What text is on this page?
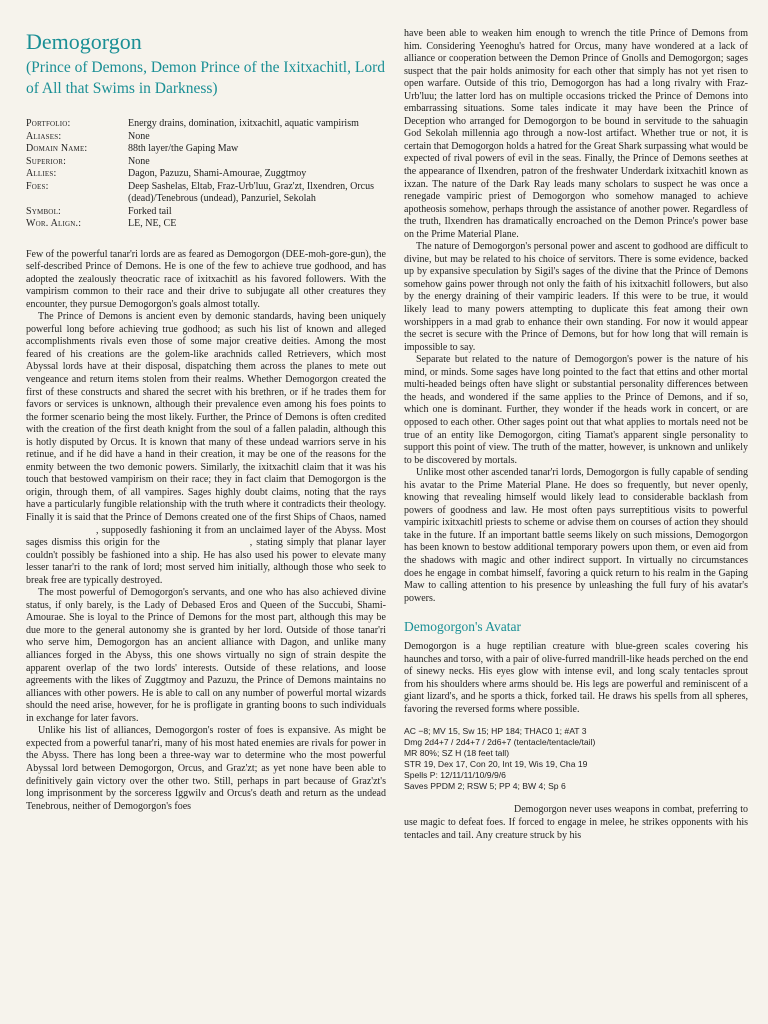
Demogorgon
(Prince of Demons, Demon Prince of the Ixitxachitl, Lord of All that Swims in Darkness)
Portfolio:	Energy drains, domination, ixitxachitl, aquatic vampirism
Aliases:	None
Domain Name:	88th layer/the Gaping Maw
Superior:	None
Allies:	Dagon, Pazuzu, Shami-Amourae, Zuggtmoy
Foes:	Deep Sashelas, Eltab, Fraz-Urb'luu, Graz'zt, Ilxendren, Orcus (dead)/Tenebrous (undead), Panzuriel, Sekolah
Symbol:	Forked tail
Wor. Align.:	LE, NE, CE

Few of the powerful tanar'ri lords are as feared as Demogorgon (DEE-moh-gore-gun), the self-described Prince of Demons. He is one of the few to achieve true godhood, and has adopted the zealously theocratic race of ixitxachitl as his favored followers. With the vampirism common to their race and their drive to subjugate all other creatures they encounter, they pursue Demogorgon's goals almost totally.

The Prince of Demons is ancient even by demonic standards, having been uniquely powerful long before achieving true godhood; as such his list of known and alleged accomplishments rivals even those of some major creative deities. Among the most feared of his creations are the golem-like arachnids called Retrievers, which most Abyssal lords have at their disposal, dispatching them across the planes to mete out vengeance and return items stolen from their realms. Whether Demogorgon created the first of these constructs and shared the secret with his brethren, or if he trades them for favors or services is unknown, although their prevalence even among his foes points to the former scenario being the most likely. Further, the Prince of Demons is often credited with the creation of the first death knight from the soul of a fallen paladin, although this is hotly disputed by Orcus. It is known that many of these undead warriors serve in his retinue, and if he did have a hand in their creation, it may be one of the reasons for the enmity between the two demonic powers. Similarly, the ixitxachitl claim that it was his touch that bestowed vampirism on their race; they in fact claim that Demogorgon is the origin, through them, of all vampires. Sages highly doubt claims, noting that the rays have a particularly fungible relationship with the truth where it contradicts their theology. Finally it is said that the Prince of Demons created one of the first Ships of Chaos, named, supposedly fashioning it from an unclaimed layer of the Abyss. Most sages dismiss this origin for the	, stating simply that planar layer couldn't possibly be fashioned into a ship. He has also used his power to elevate many lesser tanar'ri to the rank of lord; most served him initially, although those who seek to break free are typically destroyed.

The most powerful of Demogorgon's servants, and one who has also achieved divine status, if only barely, is the Lady of Debased Eros and Queen of the Succubi, Shami-Amourae. She is loyal to the Prince of Demons for the most part, although this may be due more to the general autonomy she is granted by her lord. Outside of those tanar'ri who serve him, Demogorgon has an ancient alliance with Dagon, and unlike many alliances forged in the Abyss, this one shows virtually no sign of strain despite the apparent overlap of the two lords' interests. Outside of these relations, and loose agreements with the likes of Zuggtmoy and Pazuzu, the Prince of Demons maintains no alliances with other powers. He is able to call on any number of powerful mortal wizards should the need arise, however, for he is profligate in granting boons to such individuals in exchange for later favors.

Unlike his list of alliances, Demogorgon's roster of foes is expansive. As might be expected from a powerful tanar'ri, many of his most hated enemies are rivals for power in the Abyss. There has long been a three-way war to determine who the most powerful Abyssal lord between Demogorgon, Orcus, and Graz'zt; as yet none have been able to definitively gain victory over the other two. Still, perhaps in part because of Graz'zt's long imprisonment by the sorceress Iggwilv and Orcus's death and return as the undead Tenebrous, neither of Demogorgon's foes

have been able to weaken him enough to wrench the title Prince of Demons from him. Considering Yeenoghu's hatred for Orcus, many have wondered at a lack of alliance or cooperation between the Demon Prince of Gnolls and Demogorgon; sages suspect that the pair holds animosity for each other that simply has not yet risen to open warfare. Outside of this trio, Demogorgon has had a long rivalry with Fraz-Urb'luu; the latter lord has on multiple occasions tricked the Prince of Demons into embarrassing situations. Some tales indicate it may have been the Prince of Deception who arranged for Demogorgon to be bound in servitude to the sahuagin God Sekolah millennia ago through a now-lost artifact. Whether true or not, it is certain that Demogorgon holds a hatred for the Great Shark surpassing what would be expected of rival powers of evil in the seas. Finally, the Prince of Demons seethes at the appearance of Ilxendren, patron of the freshwater Underdark ixitxachitl known as ixzan. The nature of the Dark Ray leads many scholars to suspect he was once a renegade vampiric priest of Demogorgon who somehow managed to achieve apotheosis somehow, perhaps through the assistance of another power. Regardless of the truth, Ilxendren has dramatically encroached on the Demon Prince's power base on the Prime Material Plane.

The nature of Demogorgon's personal power and ascent to godhood are difficult to divine, but may be related to his choice of servitors. There is some evidence, backed up by expansive speculation by Sigil's sages of the divine that the Prince of Demons somehow gains power through not only the faith of his ixitxachitl followers, but also by the energy draining of their vampiric leaders. If this were to be true, it would likely lead to many powers attempting to duplicate this feat among their own worshippers in a mad grab to enhance their own standing. For now it would appear the secret is secure with the Prince of Demons, but for how long that will remain is impossible to say.

Separate but related to the nature of Demogorgon's power is the nature of his mind, or minds. Some sages have long pointed to the fact that ettins and other mortal multi-headed beings often have slight or substantial personality differences between the heads, and wondered if the same applies to the Prince of Demons, and if so, which one is dominant. Further, they wonder if the heads work in concert, or are opposed to each other. Other sages point out that what applies to mortals need not be true of an entity like Demogorgon, citing Tiamat's apparent single personality to support this point of view. The truth of the matter, however, is unknown and unlikely to be discovered by mortals.

Unlike most other ascended tanar'ri lords, Demogorgon is fully capable of sending his avatar to the Prime Material Plane. He does so frequently, but never openly, knowing that revealing himself would likely lead to considerable backlash from powers of goodness and law. He most often pays surreptitious visits to powerful vampiric ixitxachitl priests to scheme or advise them on courses of action they should take in the future. If an important battle seems likely on such missions, Demogorgon has been known to bestow additional temporary powers upon them, or even aid from the shadows with magic and other indirect support. In virtually no circumstances does he engage in combat himself, favoring a quick return to his realm in the Gaping Maw to calling attention to his presence by unleashing the full fury of his avatar's powers.

Demogorgon's Avatar

Demogorgon is a huge reptilian creature with blue-green scales covering his haunches and torso, with a pair of olive-furred mandrill-like heads perched on the end of sinewy necks. His eyes glow with intense evil, and long scaly tentacles sprout from his shoulders where arms should be. His legs are powerful and reminiscent of a giant lizard's, and he sports a thick, forked tail. He draws his spells from all spheres, favoring the reversed forms where possible.

AC −8; MV 15, Sw 15; HP 184; THAC0 1; #AT 3
Dmg 2d4+7 / 2d4+7 / 2d6+7 (tentacle/tentacle/tail)
MR 80%; SZ H (18 feet tall)
STR 19, Dex 17, Con 20, Int 19, Wis 19, Cha 19
Spells P: 12/11/11/10/9/9/6
Saves PPDM 2; RSW 5; PP 4; BW 4; Sp 6

Demogorgon never uses weapons in combat, preferring to use magic to defeat foes. If forced to engage in melee, he strikes opponents with his tentacles and tail. Any creature struck by his
